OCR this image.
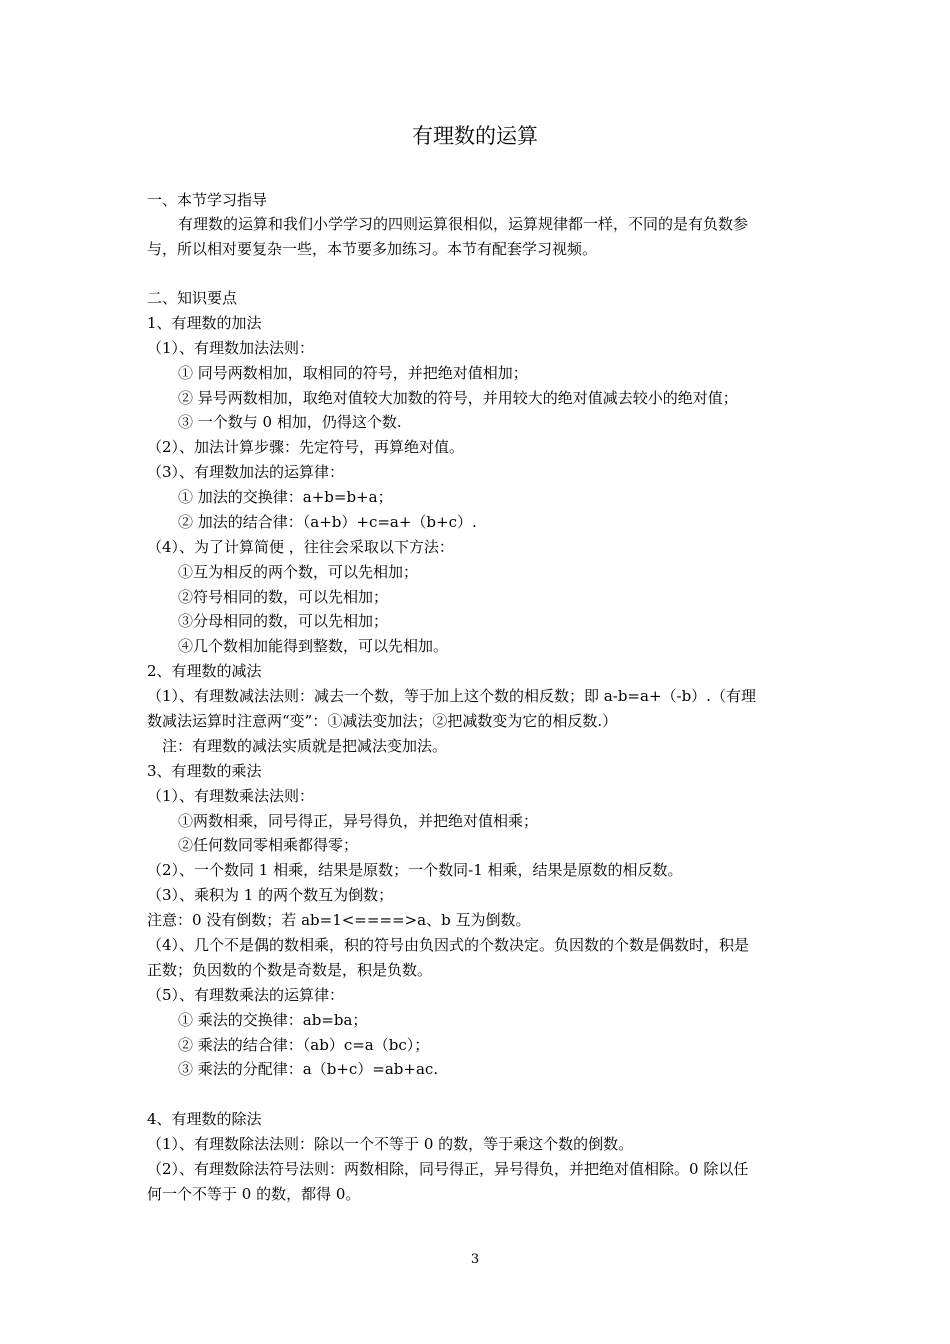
有理数的运算
一、本节学习指导
有理数的运算和我们小学学习的四则运算很相似，运算规律都一样，不同的是有负数参
与，所以相对要复杂一些，本节要多加练习。本节有配套学习视频。
二、知识要点
1、有理数的加法
（1）、有理数加法法则：
① 同号两数相加，取相同的符号，并把绝对值相加；
② 异号两数相加，取绝对值较大加数的符号，并用较大的绝对值减去较小的绝对值；
③ 一个数与 0 相加，仍得这个数.
（2）、加法计算步骤：先定符号，再算绝对值。
（3）、有理数加法的运算律：
① 加法的交换律：a+b=b+a；
② 加法的结合律：（a+b）+c=a+（b+c）.
（4）、为了计算简便 ，往往会采取以下方法：
①互为相反的两个数，可以先相加；
②符号相同的数，可以先相加；
③分母相同的数，可以先相加；
④几个数相加能得到整数，可以先相加。
2、有理数的减法
（1）、有理数减法法则：减去一个数，等于加上这个数的相反数；即 a-b=a+（-b）.（有理
数减法运算时注意两“变”：①减法变加法；②把减数变为它的相反数.）
注：有理数的减法实质就是把减法变加法。
3、有理数的乘法
（1）、有理数乘法法则：
①两数相乘，同号得正，异号得负，并把绝对值相乘；
②任何数同零相乘都得零；
（2）、一个数同 1 相乘，结果是原数；一个数同-1 相乘，结果是原数的相反数。
（3）、乘积为 1 的两个数互为倒数；
注意：0 没有倒数；若 ab=1<====>a、b 互为倒数。
（4）、几个不是偶的数相乘，积的符号由负因式的个数决定。负因数的个数是偶数时，积是
正数；负因数的个数是奇数是，积是负数。
（5）、有理数乘法的运算律：
① 乘法的交换律：ab=ba；
② 乘法的结合律：（ab）c=a（bc）；
③ 乘法的分配律：a（b+c）=ab+ac.
4、有理数的除法
（1）、有理数除法法则：除以一个不等于 0 的数，等于乘这个数的倒数。
（2）、有理数除法符号法则：两数相除，同号得正，异号得负，并把绝对值相除。0 除以任
何一个不等于 0 的数，都得 0。
3
